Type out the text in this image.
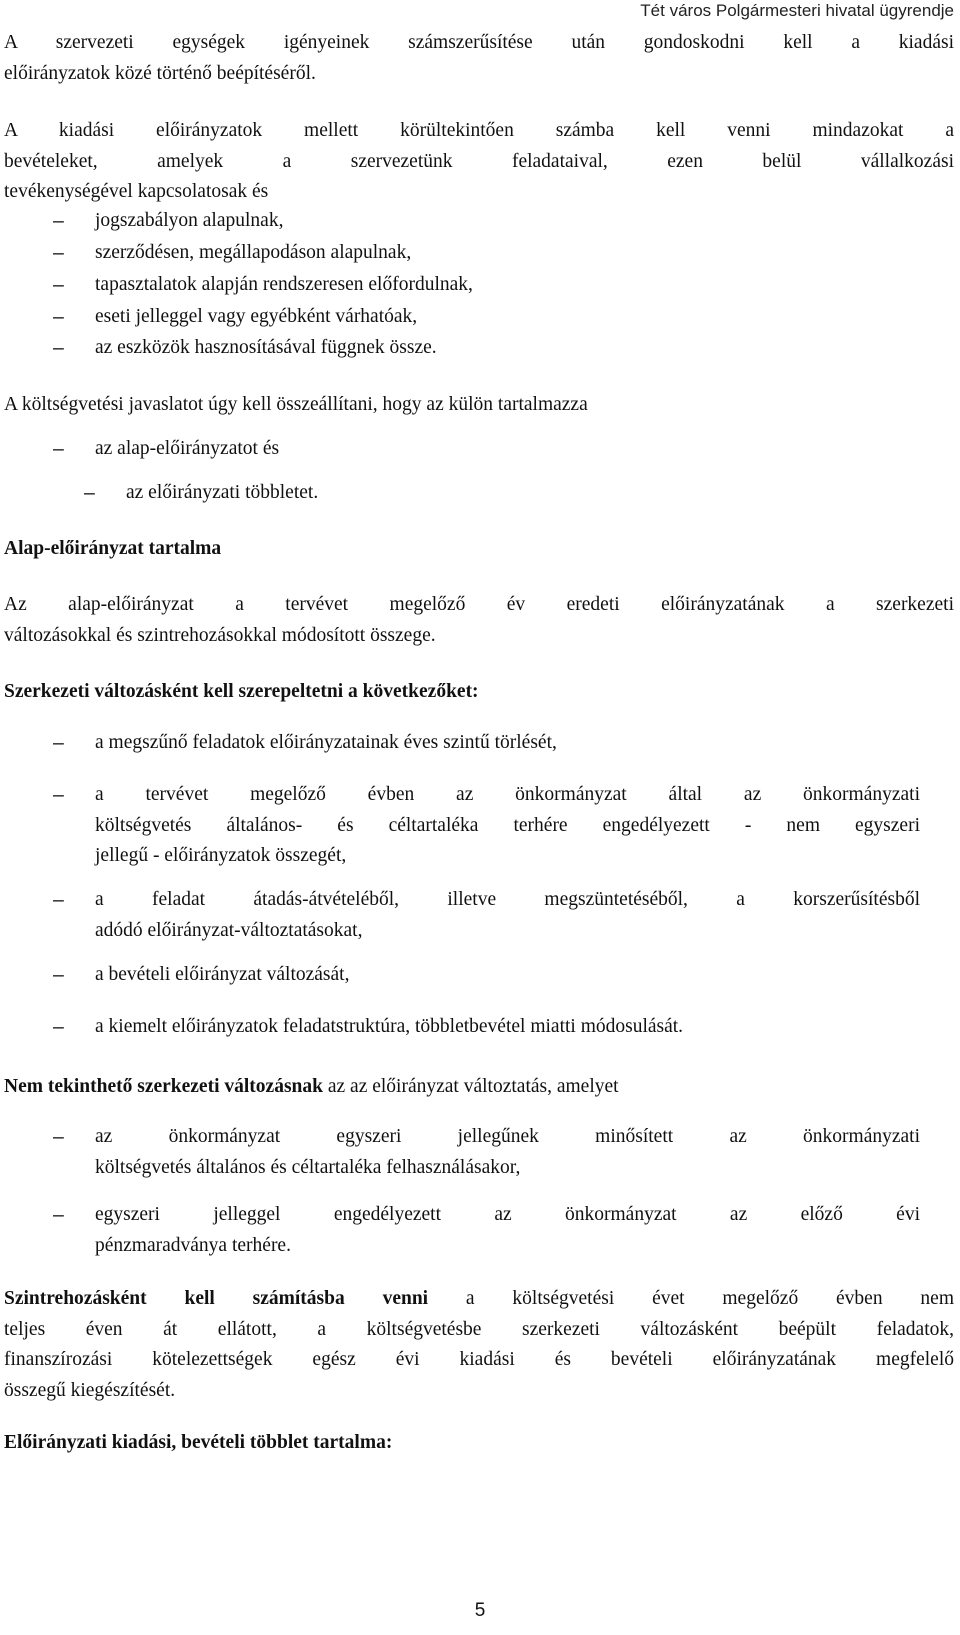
Tét város Polgármesteri hivatal ügyrendje
A szervezeti egységek igényeinek számszerűsítése után gondoskodni kell a kiadási
előirányzatok közé történő beépítéséről.
A kiadási előirányzatok mellett körültekintően számba kell venni mindazokat a
bevételeket, amelyek a szervezetünk feladataival, ezen belül vállalkozási
tevékenységével kapcsolatosak és
– jogszabályon alapulnak,
– szerződésen, megállapodáson alapulnak,
– tapasztalatok alapján rendszeresen előfordulnak,
– eseti jelleggel vagy egyébként várhatóak,
– az eszközök hasznosításával függnek össze.
A költségvetési javaslatot úgy kell összeállítani, hogy az külön tartalmazza
– az alap-előirányzatot és
– az előirányzati többletet.
Alap-előirányzat tartalma
Az alap-előirányzat a tervévet megelőző év eredeti előirányzatának a szerkezeti
változásokkal és szintrehozásokkal módosított összege.
Szerkezeti változásként kell szerepeltetni a következőket:
– a megszűnő feladatok előirányzatainak éves szintű törlését,
– a tervévet megelőző évben az önkormányzat által az önkormányzati
költségvetés általános- és céltartaléka terhére engedélyezett - nem egyszeri
jellegű - előirányzatok összegét,
– a feladat átadás-átvételéből, illetve megszüntetéséből, a korszerűsítésből
adódó előirányzat-változtatásokat,
– a bevételi előirányzat változását,
– a kiemelt előirányzatok feladatstruktúra, többletbevétel miatti módosulását.
Nem tekinthető szerkezeti változásnak az az előirányzat változtatás, amelyet
– az önkormányzat egyszeri jellegűnek minősített az önkormányzati
költségvetés általános és céltartaléka felhasználásakor,
– egyszeri jelleggel engedélyezett az önkormányzat az előző évi
pénzmaradványa terhére.
Szintrehozásként kell számításba venni a költségvetési évet megelőző évben nem
teljes éven át ellátott, a költségvetésbe szerkezeti változásként beépült feladatok,
finanszírozási kötelezettségek egész évi kiadási és bevételi előirányzatának megfelelő
összegű kiegészítését.
Előirányzati kiadási, bevételi többlet tartalma:
5
